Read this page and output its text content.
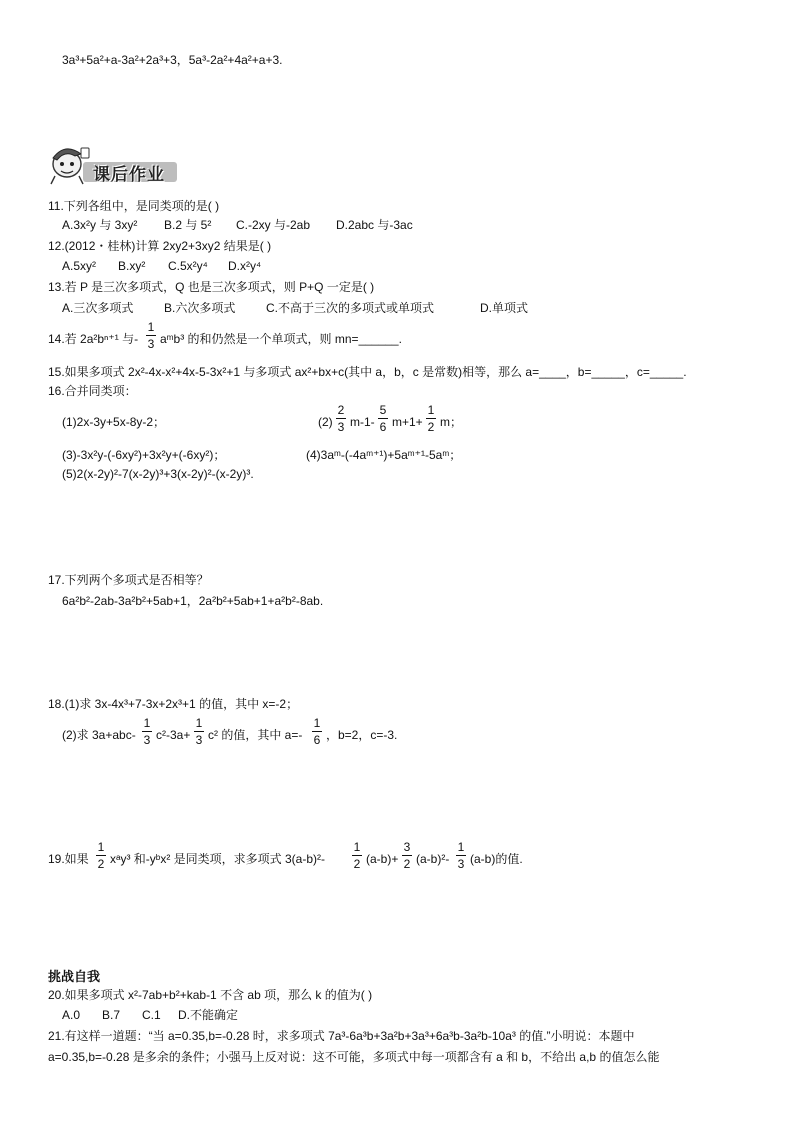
3a³+5a²+a-3a²+2a³+3，5a³-2a²+4a²+a+3.
课后作业
11.下列各组中，是同类项的是( )
A.3x²y 与 3xy² B.2 与 5² C.-2xy 与-2ab D.2abc 与-3ac
12.(2012・桂林)计算 2xy2+3xy2 结果是( )
A.5xy² B.xy² C.5x²y⁴ D.x²y⁴
13.若 P 是三次多项式，Q 也是三次多项式，则 P+Q 一定是( )
A.三次多项式	B.六次多项式	C.不高于三次的多项式或单项式	D.单项式
14.若 2a²bⁿ⁺¹ 与-
1
3 aᵐb³ 的和仍然是一个单项式，则 mn=______.
15.如果多项式 2x²-4x-x²+4x-5-3x²+1 与多项式 ax²+bx+c(其中 a，b，c 是常数)相等，那么 a=____，b=_____，c=_____.
16.合并同类项：
(1)2x-3y+5x-8y-2；	(2)
2
3 m-1-
5
6 m+1+
1
2 m；
(3)-3x²y-(-6xy²)+3x²y+(-6xy²)；	(4)3aᵐ-(-4aᵐ⁺¹)+5aᵐ⁺¹-5aᵐ；
(5)2(x-2y)²-7(x-2y)³+3(x-2y)²-(x-2y)³.
17.下列两个多项式是否相等？
6a²b²-2ab-3a²b²+5ab+1，2a²b²+5ab+1+a²b²-8ab.
18.(1)求 3x-4x³+7-3x+2x³+1 的值，其中 x=-2；
(2)求 3a+abc-
1
3 c²-3a+
1
3 c² 的值，其中 a=-
1
6 ，b=2，c=-3.
19.如果
1
2 xᵃy³ 和-yᵇx² 是同类项，求多项式 3(a-b)²-
1
2 (a-b)+
3
2 (a-b)²-
1
3 (a-b)的值.
挑战自我
20.如果多项式 x²-7ab+b²+kab-1 不含 ab 项，那么 k 的值为( )
A.0 B.7 C.1 D.不能确定
21.有这样一道题：“当 a=0.35,b=-0.28 时，求多项式 7a³-6a³b+3a²b+3a³+6a³b-3a²b-10a³ 的值.”小明说：本题中
a=0.35,b=-0.28 是多余的条件；小强马上反对说：这不可能，多项式中每一项都含有 a 和 b，不给出 a,b 的值怎么能
